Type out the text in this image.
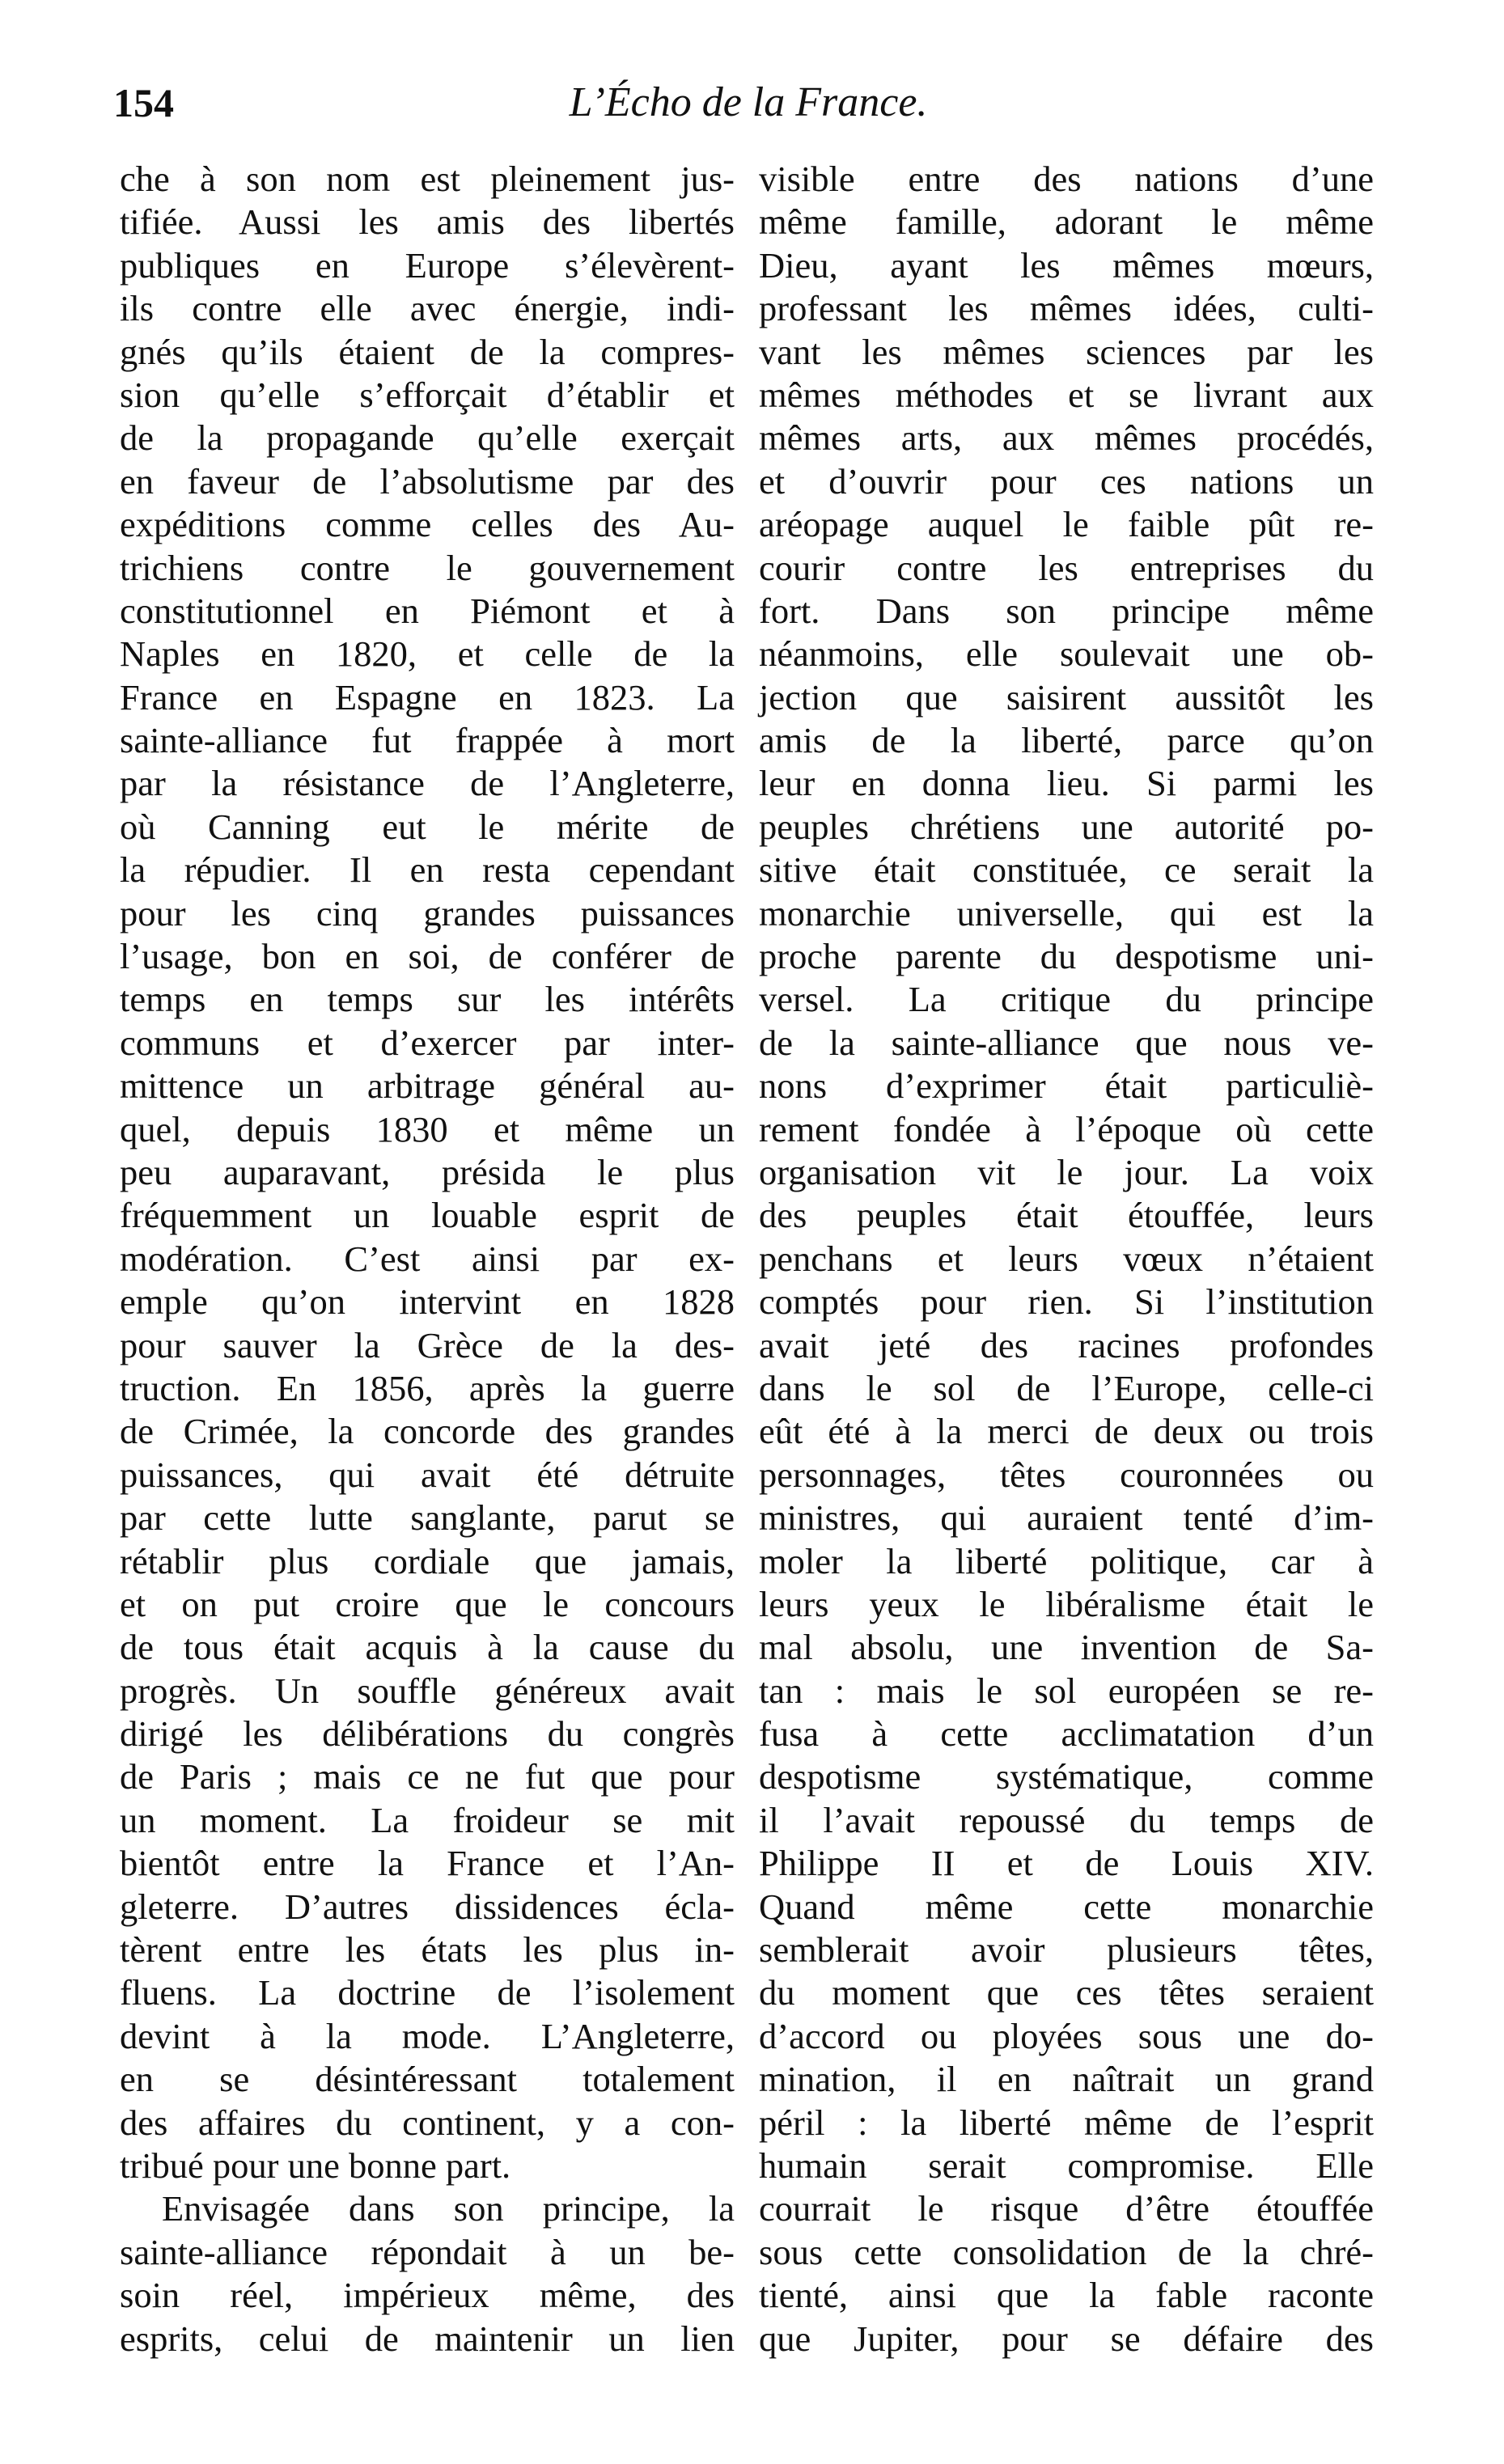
154	L’Écho de la France.
che à son nom est pleinement jus-
tifiée. Aussi les amis des libertés
publiques en Europe s’élevèrent-
ils contre elle avec énergie, indi-
gnés qu’ils étaient de la compres-
sion qu’elle s’efforçait d’établir et
de la propagande qu’elle exerçait
en faveur de l’absolutisme par des
expéditions comme celles des Au-
trichiens contre le gouvernement
constitutionnel en Piémont et à
Naples en 1820, et celle de la
France en Espagne en 1823. La
sainte-alliance fut frappée à mort
par la résistance de l’Angleterre,
où Canning eut le mérite de
la répudier. Il en resta cependant
pour les cinq grandes puissances
l’usage, bon en soi, de conférer de
temps en temps sur les intérêts
communs et d’exercer par inter-
mittence un arbitrage général au-
quel, depuis 1830 et même un
peu auparavant, présida le plus
fréquemment un louable esprit de
modération. C’est ainsi par ex-
emple qu’on intervint en 1828
pour sauver la Grèce de la des-
truction. En 1856, après la guerre
de Crimée, la concorde des grandes
puissances, qui avait été détruite
par cette lutte sanglante, parut se
rétablir plus cordiale que jamais,
et on put croire que le concours
de tous était acquis à la cause du
progrès. Un souffle généreux avait
dirigé les délibérations du congrès
de Paris ; mais ce ne fut que pour
un moment. La froideur se mit
bientôt entre la France et l’An-
gleterre. D’autres dissidences écla-
tèrent entre les états les plus in-
fluens. La doctrine de l’isolement
devint à la mode. L’Angleterre,
en se désintéressant totalement
des affaires du continent, y a con-
tribué pour une bonne part.
Envisagée dans son principe, la
sainte-alliance répondait à un be-
soin réel, impérieux même, des
esprits, celui de maintenir un lien
visible entre des nations d’une
même famille, adorant le même
Dieu, ayant les mêmes mœurs,
professant les mêmes idées, culti-
vant les mêmes sciences par les
mêmes méthodes et se livrant aux
mêmes arts, aux mêmes procédés,
et d’ouvrir pour ces nations un
aréopage auquel le faible pût re-
courir contre les entreprises du
fort. Dans son principe même
néanmoins, elle soulevait une ob-
jection que saisirent aussitôt les
amis de la liberté, parce qu’on
leur en donna lieu. Si parmi les
peuples chrétiens une autorité po-
sitive était constituée, ce serait la
monarchie universelle, qui est la
proche parente du despotisme uni-
versel. La critique du principe
de la sainte-alliance que nous ve-
nons d’exprimer était particuliè-
rement fondée à l’époque où cette
organisation vit le jour. La voix
des peuples était étouffée, leurs
penchans et leurs vœux n’étaient
comptés pour rien. Si l’institution
avait jeté des racines profondes
dans le sol de l’Europe, celle-ci
eût été à la merci de deux ou trois
personnages, têtes couronnées ou
ministres, qui auraient tenté d’im-
moler la liberté politique, car à
leurs yeux le libéralisme était le
mal absolu, une invention de Sa-
tan : mais le sol européen se re-
fusa à cette acclimatation d’un
despotisme systématique, comme
il l’avait repoussé du temps de
Philippe II et de Louis XIV.
Quand même cette monarchie
semblerait avoir plusieurs têtes,
du moment que ces têtes seraient
d’accord ou ployées sous une do-
mination, il en naîtrait un grand
péril : la liberté même de l’esprit
humain serait compromise. Elle
courrait le risque d’être étouffée
sous cette consolidation de la chré-
tienté, ainsi que la fable raconte
que Jupiter, pour se défaire des
